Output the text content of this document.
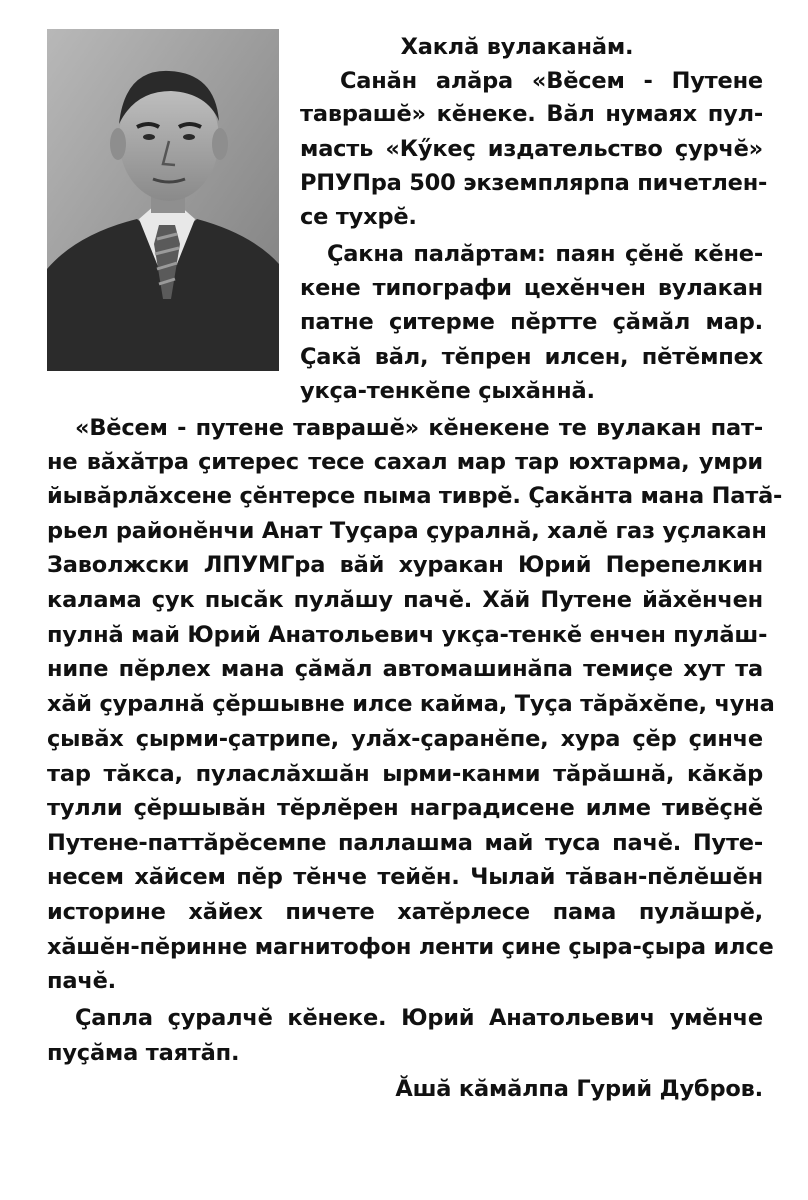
Хаклӑ вулаканӑм.
Санӑн алӑра «Вӗсем - Путене
таврашӗ» кӗнеке. Вӑл нумаях пул-
масть «Кӳкеҫ издательство ҫурчӗ»
РПУПра 500 экземплярпа пичетлен-
се тухрӗ.
Ҫакна палӑртам: паян ҫӗнӗ кӗне-
кене типографи цехӗнчен вулакан
патне ҫитерме пӗртте ҫӑмӑл мар.
Ҫакӑ вӑл, тӗпрен илсен, пӗтӗмпех
укҫа-тенкӗпе ҫыхӑннӑ.
«Вӗсем - путене таврашӗ» кӗнекене те вулакан пат-
не вӑхӑтра ҫитерес тесе сахал мар тар юхтарма, умри
йывӑрлӑхсене ҫӗнтерсе пыма тиврӗ. Ҫакӑнта мана Патӑ-
рьел районӗнчи Анат Туҫара ҫуралнӑ, халӗ газ уҫлакан
Заволжски ЛПУМГра вӑй хуракан Юрий Перепелкин
калама ҫук пысӑк пулӑшу пачӗ. Хӑй Путене йӑхӗнчен
пулнӑ май Юрий Анатольевич укҫа-тенкӗ енчен пулӑш-
нипе пӗрлех мана ҫӑмӑл автомашинӑпа темиҫе хут та
хӑй ҫуралнӑ ҫӗршывне илсе кайма, Туҫа тӑрӑхӗпе, чуна
ҫывӑх ҫырми-ҫатрипе, улӑх-ҫаранӗпе, хура ҫӗр ҫинче
тар тӑкса, пуласлӑхшӑн ырми-канми тӑрӑшнӑ, кӑкӑр
тулли ҫӗршывӑн тӗрлӗрен наградисене илме тивӗҫнӗ
Путене-паттӑрӗсемпе паллашма май туса пачӗ. Путе-
несем хӑйсем пӗр тӗнче тейӗн. Чылай тӑван-пӗлӗшӗн
историне хӑйех пичете хатӗрлесе пама пулӑшрӗ,
хӑшӗн-пӗринне магнитофон ленти ҫине ҫыра-ҫыра илсе
пачӗ.
Ҫапла ҫуралчӗ кӗнеке. Юрий Анатольевич умӗнче
пуҫӑма таятӑп.
Ӑшӑ кӑмӑлпа Гурий Дубров.
